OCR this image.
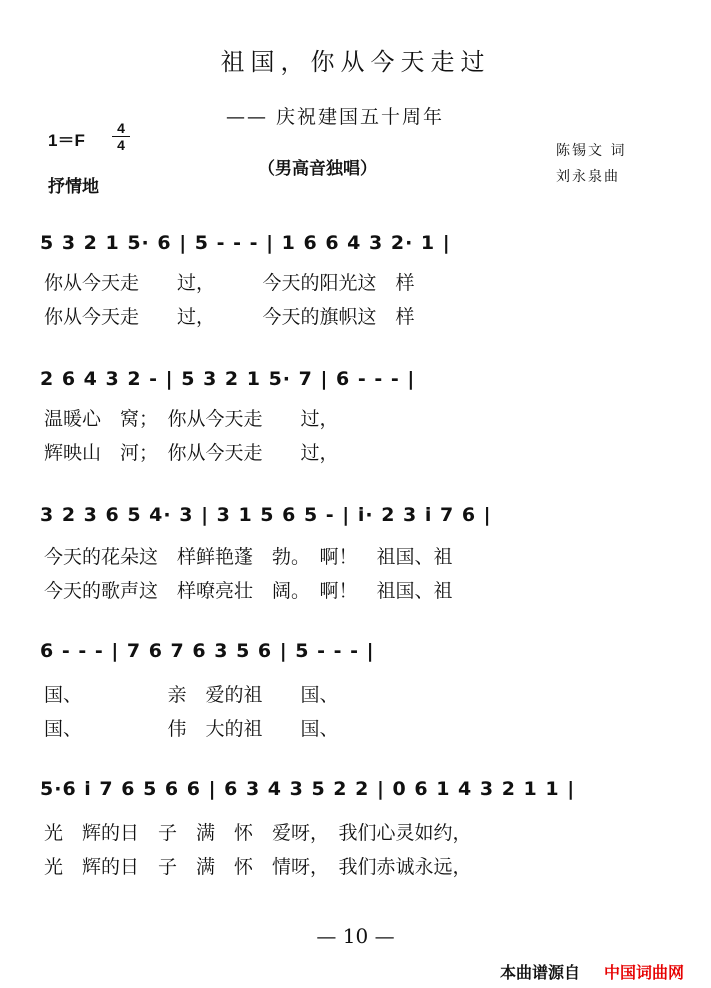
祖国，你从今天走过
—— 庆祝建国五十周年
1＝F
4
4
抒情地
（男高音独唱）
陈锡文 词
刘永泉曲
5 3 2 1 5· 6 | 5 - - - | 1 6 6 4 3 2· 1 |
你从今天走　　过，　　　今天的阳光这　样
你从今天走　　过，　　　今天的旗帜这　样
2 6 4 3 2 - | 5 3 2 1 5· 7 | 6 - - - |
温暖心　窝；　你从今天走　　过，
辉映山　河；　你从今天走　　过，
3 2 3 6 5 4· 3 | 3 1 5 6 5 - | i· 2 3 i 7 6 |
今天的花朵这　样鲜艳蓬　勃。　啊！　祖国、祖
今天的歌声这　样嘹亮壮　阔。　啊！　祖国、祖
6 - - - | 7 6 7 6 3 5 6 | 5 - - - |
国、　　　　　亲　爱的祖　　国、
国、　　　　　伟　大的祖　　国、
5·6 i 7 6 5 6 6 | 6 3 4 3 5 2 2 | 0 6 1 4 3 2 1 1 |
光　辉的日　子　满　怀　爱呀，　我们心灵如约，
光　辉的日　子　满　怀　情呀，　我们赤诚永远，
— 10 —
本曲谱源自 中国词曲网
